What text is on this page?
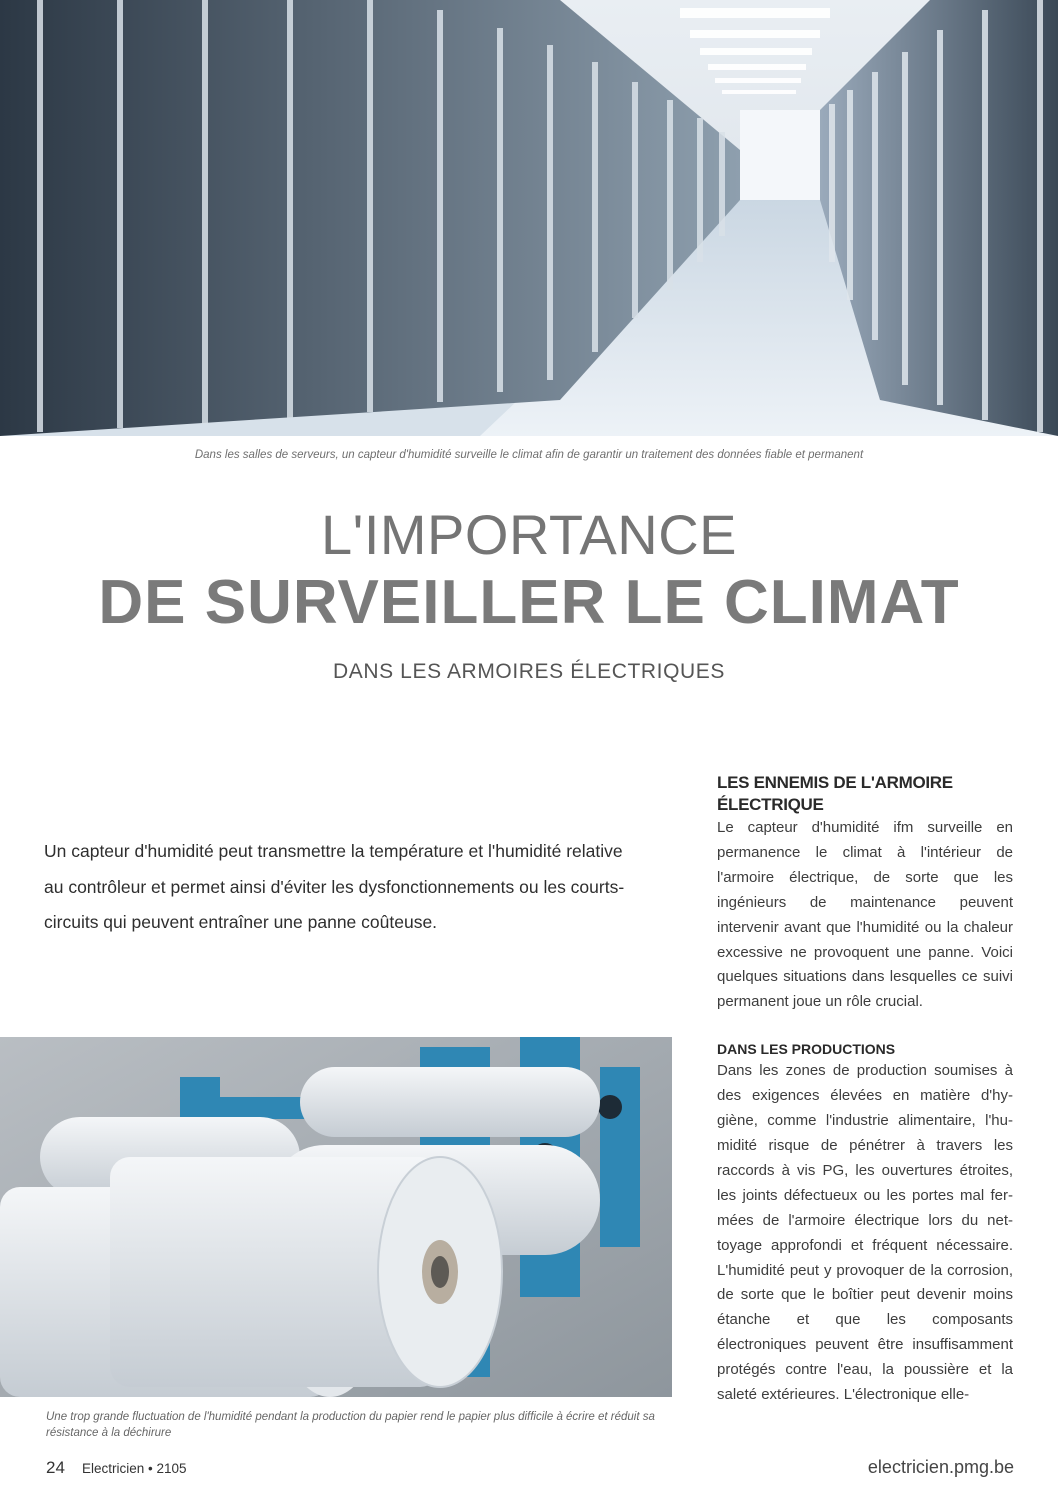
Dans les salles de serveurs, un capteur d'humidité surveille le climat afin de garantir un traitement des données fiable et permanent
L'IMPORTANCE
DE SURVEILLER LE CLIMAT
DANS LES ARMOIRES ÉLECTRIQUES
Un capteur d'humidité peut transmettre la température et l'humidité relative au contrôleur et permet ainsi d'éviter les dysfonctionnements ou les courts-circuits qui peuvent entraîner une panne coûteuse.
Une trop grande fluctuation de l'humidité pendant la production du papier rend le papier plus difficile à écrire et réduit sa résistance à la déchirure
LES ENNEMIS DE L'ARMOIRE ÉLECTRIQUE
Le capteur d'humidité ifm surveille en permanence le climat à l'intérieur de l'armoire électrique, de sorte que les ingénieurs de maintenance peuvent intervenir avant que l'humidité ou la chaleur excessive ne provoquent une panne. Voici quelques situations dans lesquelles ce suivi permanent joue un rôle crucial.
DANS LES PRODUCTIONS
Dans les zones de production soumises à des exigences élevées en matière d'hygiène, comme l'industrie alimentaire, l'humidité risque de pénétrer à travers les raccords à vis PG, les ouvertures étroites, les joints défectueux ou les portes mal fermées de l'armoire électrique lors du nettoyage approfondi et fréquent nécessaire. L'humidité peut y provoquer de la corrosion, de sorte que le boîtier peut devenir moins étanche et que les composants électroniques peuvent être insuffisamment protégés contre l'eau, la poussière et la saleté extérieures. L'électronique elle-
24 Electricien • 2105	electricien.pmg.be
